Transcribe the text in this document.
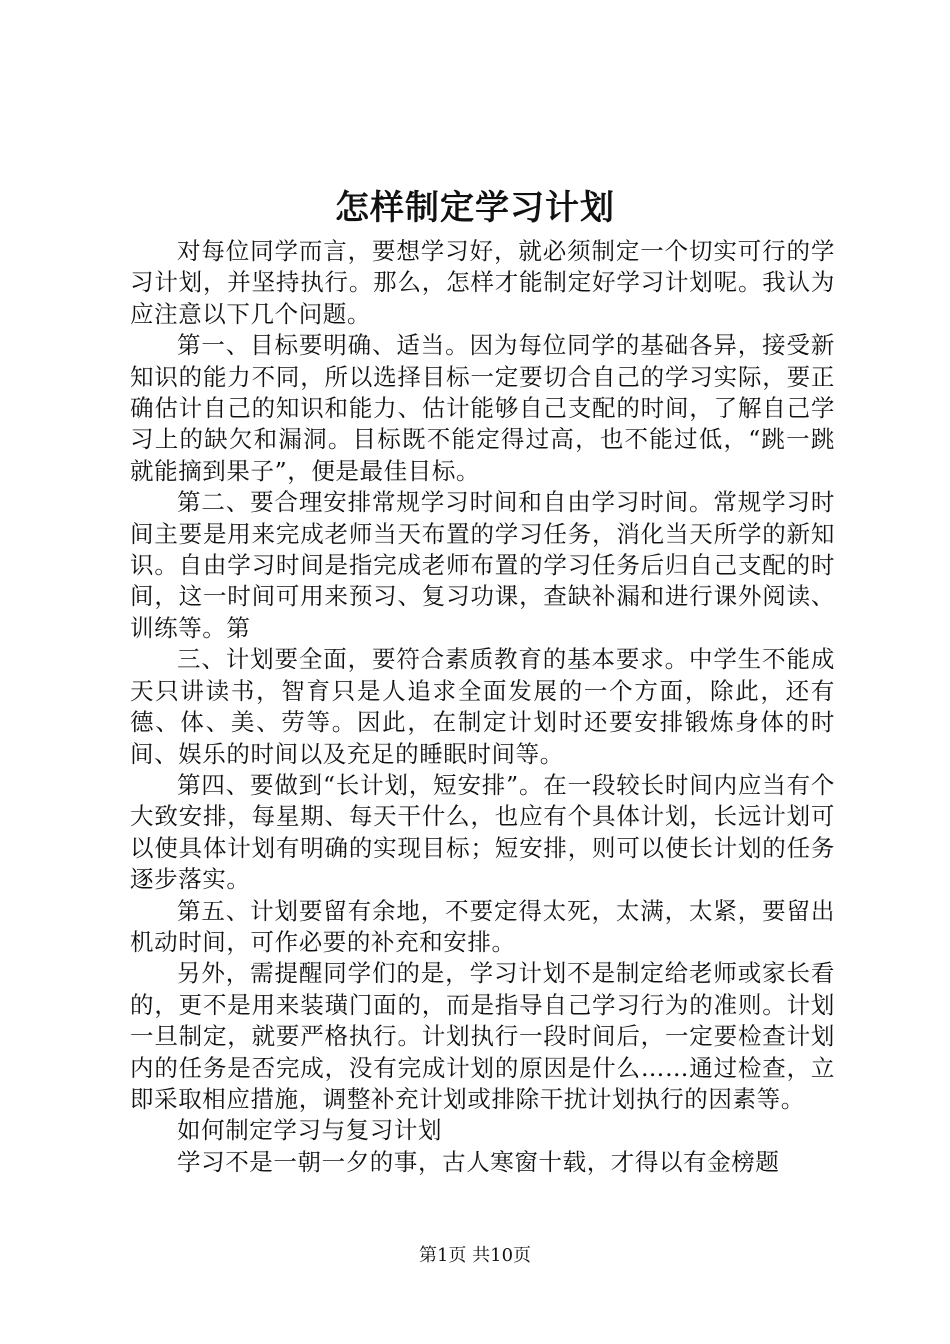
怎样制定学习计划

对每位同学而言，要想学习好，就必须制定一个切实可行的学习计划，并坚持执行。那么，怎样才能制定好学习计划呢。我认为应注意以下几个问题。

第一、目标要明确、适当。因为每位同学的基础各异，接受新知识的能力不同，所以选择目标一定要切合自己的学习实际，要正确估计自己的知识和能力、估计能够自己支配的时间，了解自己学习上的缺欠和漏洞。目标既不能定得过高，也不能过低，“跳一跳就能摘到果子”，便是最佳目标。

第二、要合理安排常规学习时间和自由学习时间。常规学习时间主要是用来完成老师当天布置的学习任务，消化当天所学的新知识。自由学习时间是指完成老师布置的学习任务后归自己支配的时间，这一时间可用来预习、复习功课，查缺补漏和进行课外阅读、训练等。第

三、计划要全面，要符合素质教育的基本要求。中学生不能成天只讲读书，智育只是人追求全面发展的一个方面，除此，还有德、体、美、劳等。因此，在制定计划时还要安排锻炼身体的时间、娱乐的时间以及充足的睡眠时间等。

第四、要做到“长计划，短安排”。在一段较长时间内应当有个大致安排，每星期、每天干什么，也应有个具体计划，长远计划可以使具体计划有明确的实现目标；短安排，则可以使长计划的任务逐步落实。

第五、计划要留有余地，不要定得太死，太满，太紧，要留出机动时间，可作必要的补充和安排。

另外，需提醒同学们的是，学习计划不是制定给老师或家长看的，更不是用来装璜门面的，而是指导自己学习行为的准则。计划一旦制定，就要严格执行。计划执行一段时间后，一定要检查计划内的任务是否完成，没有完成计划的原因是什么……通过检查，立即采取相应措施，调整补充计划或排除干扰计划执行的因素等。

如何制定学习与复习计划

学习不是一朝一夕的事，古人寒窗十载，才得以有金榜题

第1页 共10页
